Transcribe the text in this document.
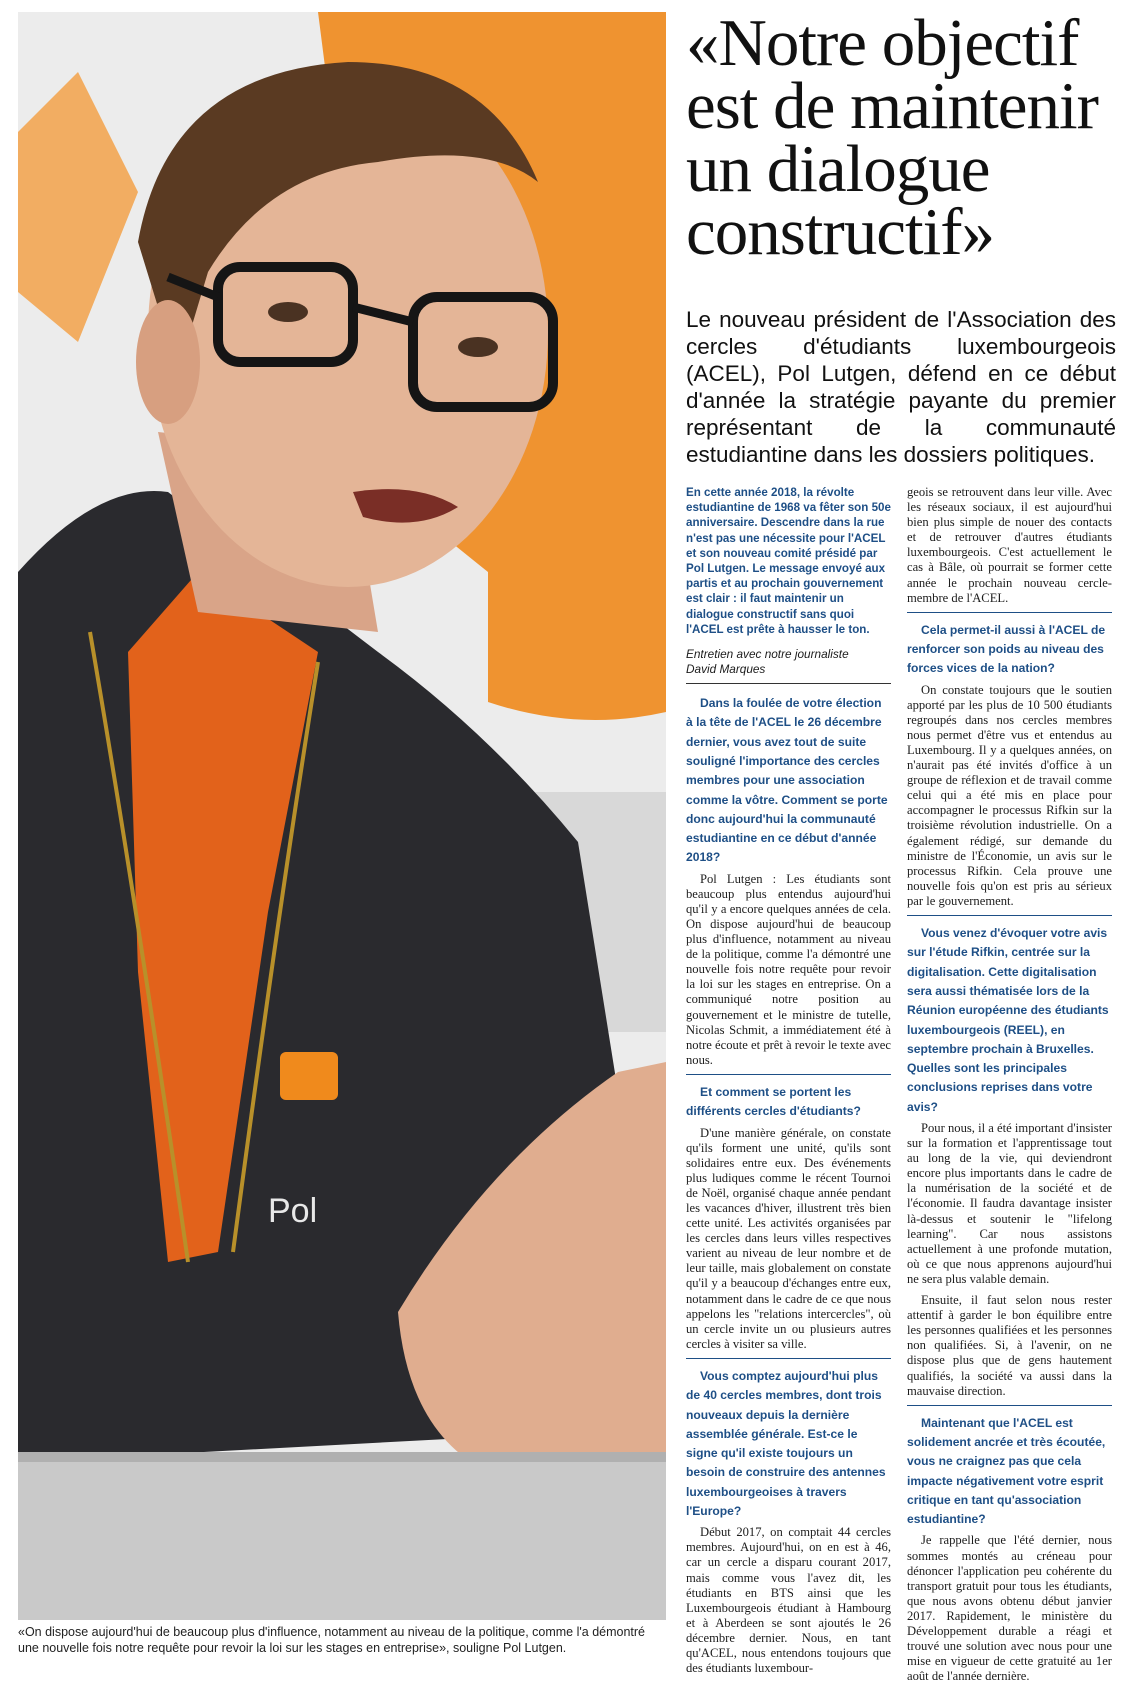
Pol
«On dispose aujourd'hui de beaucoup plus d'influence, notamment au niveau de la politique, comme l'a démontré une nouvelle fois notre requête pour revoir la loi sur les stages en entreprise», souligne Pol Lutgen.
«Notre objectif
est de maintenir
un dialogue
constructif»
Le nouveau président de l'Association des cercles d'étudiants luxembourgeois (ACEL), Pol Lutgen, défend en ce début d'année la stratégie payante du premier représentant de la communauté estudiantine dans les dossiers politiques.

En cette année 2018, la révolte estudiantine de 1968 va fêter son 50e anniversaire. Descendre dans la rue n'est pas une nécessite pour l'ACEL et son nouveau comité présidé par Pol Lutgen. Le message envoyé aux partis et au prochain gouvernement est clair : il faut maintenir un dialogue constructif sans quoi l'ACEL est prête à hausser le ton.

Entretien avec notre journaliste
David Marques

Dans la foulée de votre élection à la tête de l'ACEL le 26 décembre dernier, vous avez tout de suite souligné l'importance des cercles membres pour une association comme la vôtre. Comment se porte donc aujourd'hui la communauté estudiantine en ce début d'année 2018?

Pol Lutgen : Les étudiants sont beaucoup plus entendus aujourd'hui qu'il y a encore quelques années de cela. On dispose aujourd'hui de beaucoup plus d'influence, notamment au niveau de la politique, comme l'a démontré une nouvelle fois notre requête pour revoir la loi sur les stages en entreprise. On a communiqué notre position au gouvernement et le ministre de tutelle, Nicolas Schmit, a immédiatement été à notre écoute et prêt à revoir le texte avec nous.

Et comment se portent les différents cercles d'étudiants?

D'une manière générale, on constate qu'ils forment une unité, qu'ils sont solidaires entre eux. Des événements plus ludiques comme le récent Tournoi de Noël, organisé chaque année pendant les vacances d'hiver, illustrent très bien cette unité. Les activités organisées par les cercles dans leurs villes respectives varient au niveau de leur nombre et de leur taille, mais globalement on constate qu'il y a beaucoup d'échanges entre eux, notamment dans le cadre de ce que nous appelons les "relations intercercles", où un cercle invite un ou plusieurs autres cercles à visiter sa ville.

Vous comptez aujourd'hui plus de 40 cercles membres, dont trois nouveaux depuis la dernière assemblée générale. Est-ce le signe qu'il existe toujours un besoin de construire des antennes luxembourgeoises à travers l'Europe?

Début 2017, on comptait 44 cercles membres. Aujourd'hui, on en est à 46, car un cercle a disparu courant 2017, mais comme vous l'avez dit, les étudiants en BTS ainsi que les Luxembourgeois étudiant à Hambourg et à Aberdeen se sont ajoutés le 26 décembre dernier. Nous, en tant qu'ACEL, nous entendons toujours que des étudiants luxembour-

geois se retrouvent dans leur ville. Avec les réseaux sociaux, il est aujourd'hui bien plus simple de nouer des contacts et de retrouver d'autres étudiants luxembourgeois. C'est actuellement le cas à Bâle, où pourrait se former cette année le prochain nouveau cercle-membre de l'ACEL.

Cela permet-il aussi à l'ACEL de renforcer son poids au niveau des forces vices de la nation?

On constate toujours que le soutien apporté par les plus de 10 500 étudiants regroupés dans nos cercles membres nous permet d'être vus et entendus au Luxembourg. Il y a quelques années, on n'aurait pas été invités d'office à un groupe de réflexion et de travail comme celui qui a été mis en place pour accompagner le processus Rifkin sur la troisième révolution industrielle. On a également rédigé, sur demande du ministre de l'Économie, un avis sur le processus Rifkin. Cela prouve une nouvelle fois qu'on est pris au sérieux par le gouvernement.

Vous venez d'évoquer votre avis sur l'étude Rifkin, centrée sur la digitalisation. Cette digitalisation sera aussi thématisée lors de la Réunion européenne des étudiants luxembourgeois (REEL), en septembre prochain à Bruxelles. Quelles sont les principales conclusions reprises dans votre avis?

Pour nous, il a été important d'insister sur la formation et l'apprentissage tout au long de la vie, qui deviendront encore plus importants dans le cadre de la numérisation de la société et de l'économie. Il faudra davantage insister là-dessus et soutenir le "lifelong learning". Car nous assistons actuellement à une profonde mutation, où ce que nous apprenons aujourd'hui ne sera plus valable demain.

Ensuite, il faut selon nous rester attentif à garder le bon équilibre entre les personnes qualifiées et les personnes non qualifiées. Si, à l'avenir, on ne dispose plus que de gens hautement qualifiés, la société va aussi dans la mauvaise direction.

Maintenant que l'ACEL est solidement ancrée et très écoutée, vous ne craignez pas que cela impacte négativement votre esprit critique en tant qu'association estudiantine?

Je rappelle que l'été dernier, nous sommes montés au créneau pour dénoncer l'application peu cohérente du transport gratuit pour tous les étudiants, que nous avons obtenu début janvier 2017. Rapidement, le ministère du Développement durable a réagi et trouvé une solution avec nous pour une mise en vigueur de cette gratuité au 1er août de l'année dernière.
